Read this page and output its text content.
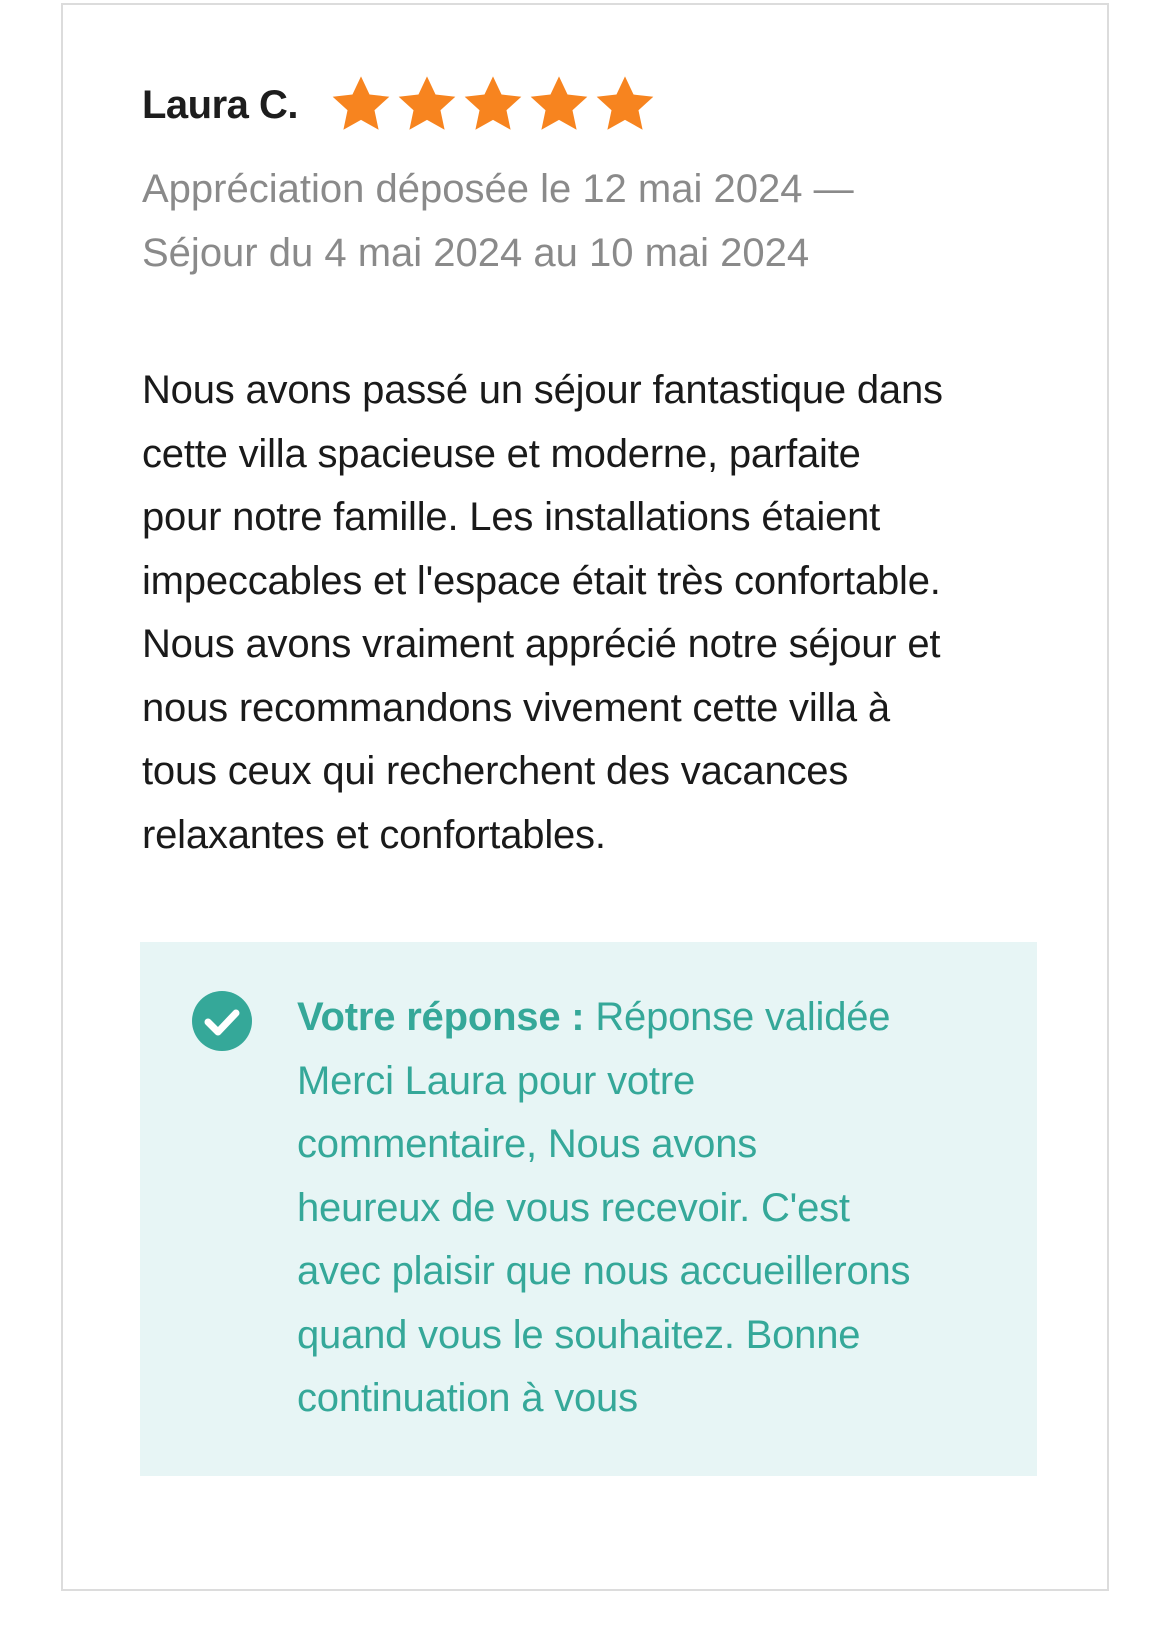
Laura C.
Appréciation déposée le 12 mai 2024 —
Séjour du 4 mai 2024 au 10 mai 2024
Nous avons passé un séjour fantastique dans
cette villa spacieuse et moderne, parfaite
pour notre famille. Les installations étaient
impeccables et l'espace était très confortable.
Nous avons vraiment apprécié notre séjour et
nous recommandons vivement cette villa à
tous ceux qui recherchent des vacances
relaxantes et confortables.
Votre réponse : Réponse validée
Merci Laura pour votre
commentaire, Nous avons
heureux de vous recevoir. C'est
avec plaisir que nous accueillerons
quand vous le souhaitez. Bonne
continuation à vous
